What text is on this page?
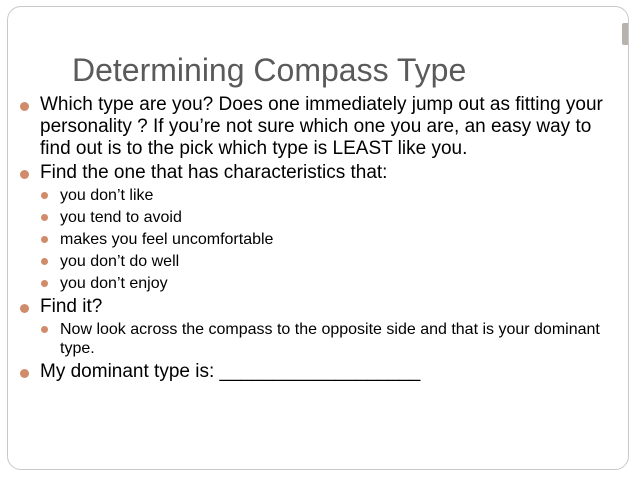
Determining Compass Type
Which type are you? Does one immediately jump out as fitting your personality ? If you’re not sure which one you are, an easy way to find out is to the pick which type is LEAST like you.
Find the one that has characteristics that:
you don’t like
you tend to avoid
makes you feel uncomfortable
you don’t do well
you don’t enjoy
Find it?
Now look across the compass to the opposite side and that is your dominant type.
My dominant type is: ___________________
